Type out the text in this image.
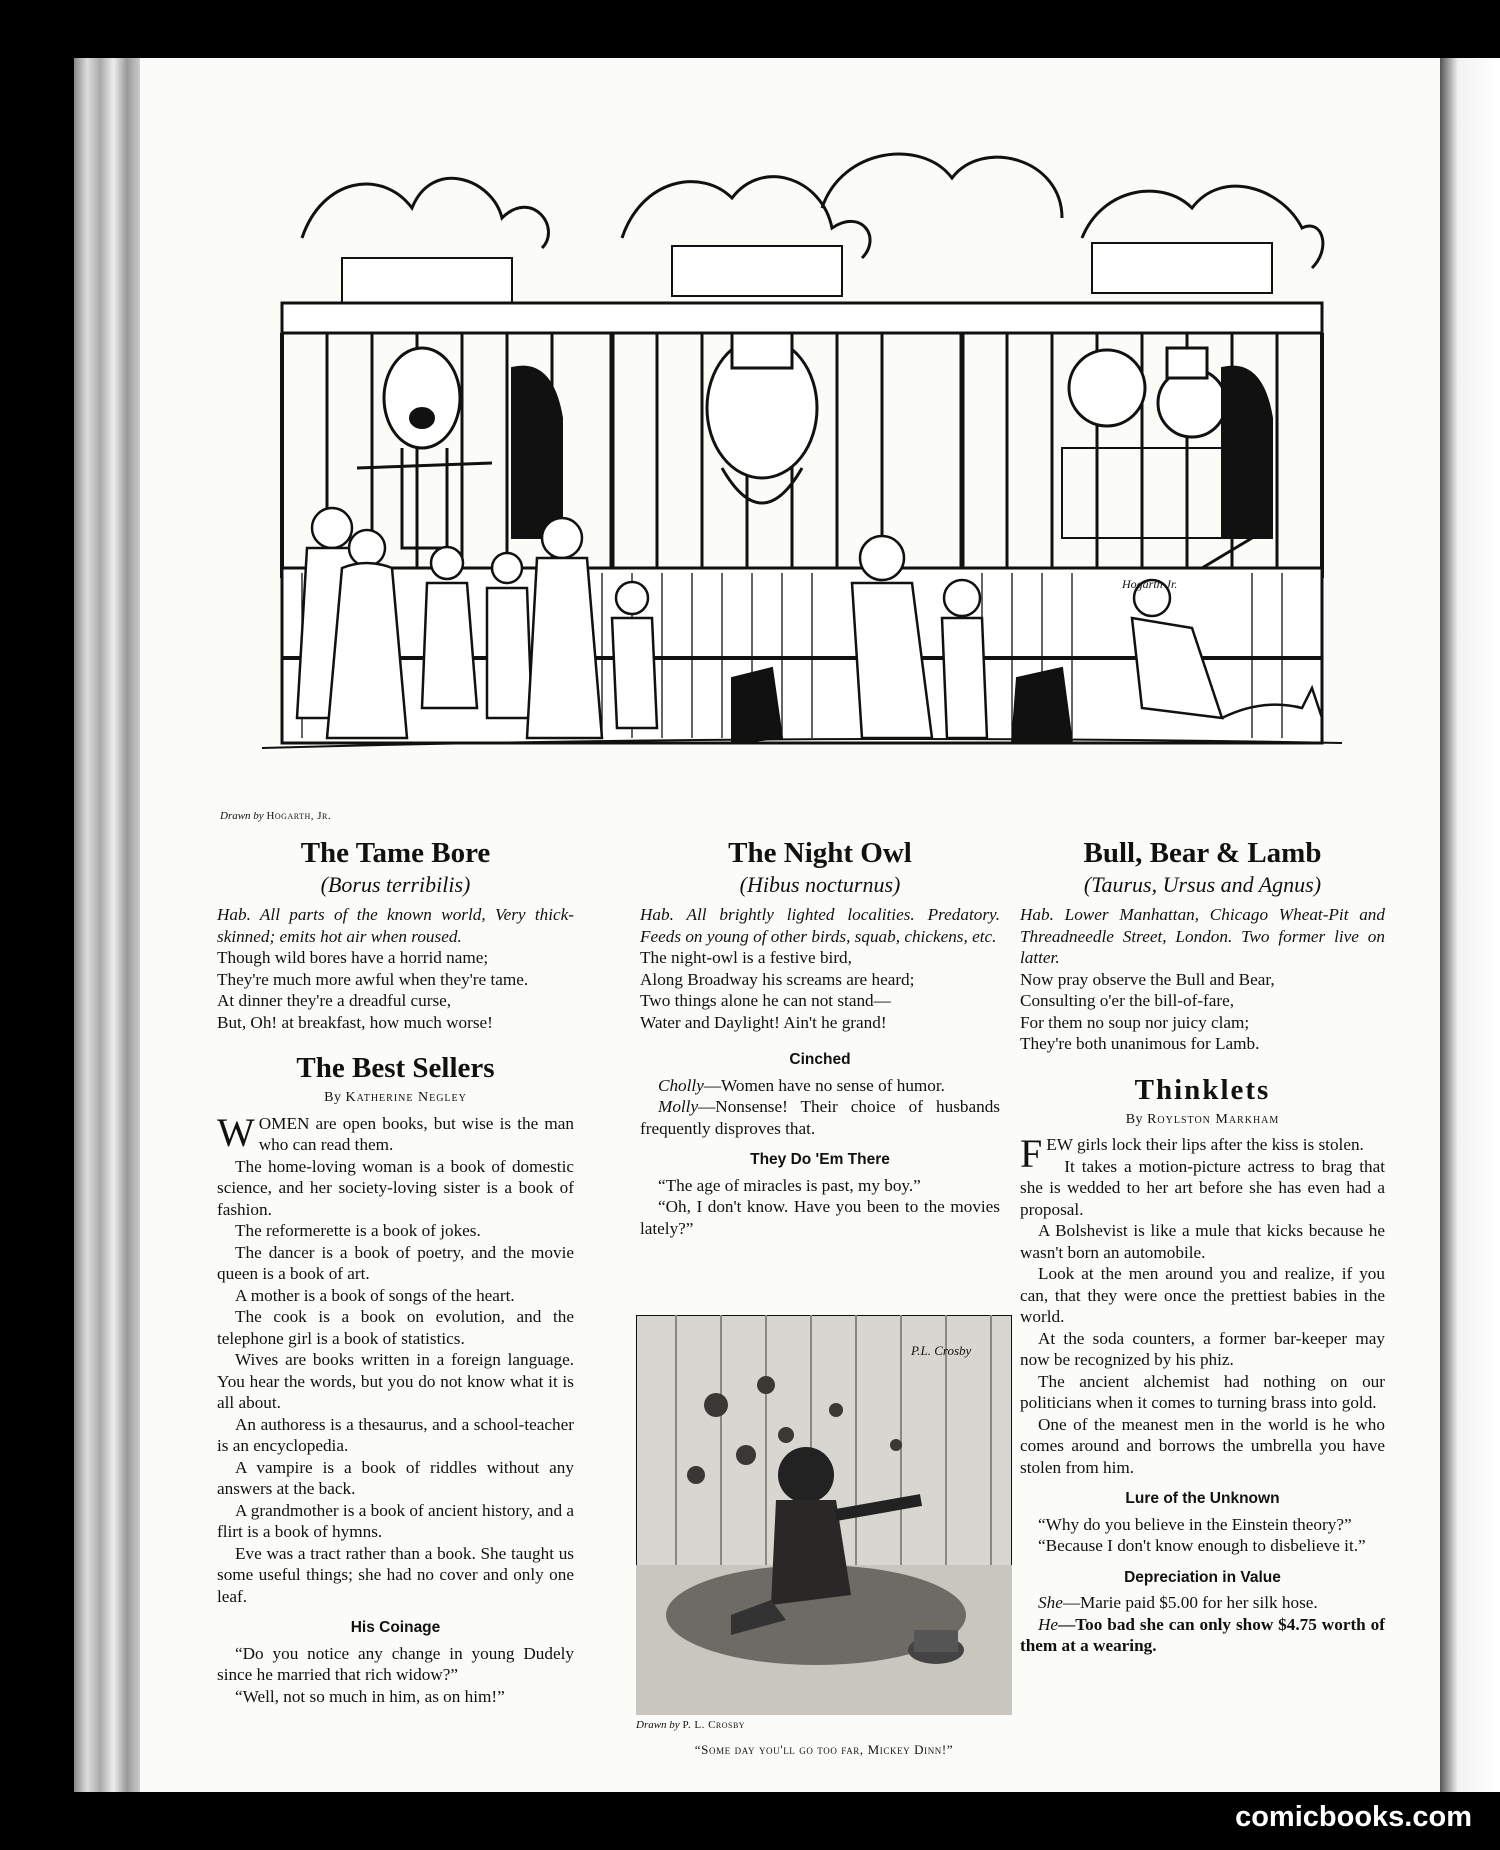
Hogarth Jr.
Drawn by Hogarth, Jr.
The Tame Bore
(Borus terribilis)

Hab. All parts of the known world, Very thick-skinned; emits hot air when roused.

Though wild bores have a horrid name;
They're much more awful when they're tame.
At dinner they're a dreadful curse,
But, Oh! at breakfast, how much worse!
The Best Sellers
By Katherine Negley

WOMEN are open books, but wise is the man who can read them.

The home-loving woman is a book of domestic science, and her society-loving sister is a book of fashion.

The reformerette is a book of jokes.

The dancer is a book of poetry, and the movie queen is a book of art.

A mother is a book of songs of the heart.

The cook is a book on evolution, and the telephone girl is a book of statistics.

Wives are books written in a foreign language. You hear the words, but you do not know what it is all about.

An authoress is a thesaurus, and a school-teacher is an encyclopedia.

A vampire is a book of riddles without any answers at the back.

A grandmother is a book of ancient history, and a flirt is a book of hymns.

Eve was a tract rather than a book. She taught us some useful things; she had no cover and only one leaf.

His Coinage

“Do you notice any change in young Dudely since he married that rich widow?”

“Well, not so much in him, as on him!”

The Night Owl
(Hibus nocturnus)

Hab. All brightly lighted localities. Predatory. Feeds on young of other birds, squab, chickens, etc.

The night-owl is a festive bird,
Along Broadway his screams are heard;
Two things alone he can not stand—
Water and Daylight! Ain't he grand!
Cinched

Cholly—Women have no sense of humor.

Molly—Nonsense! Their choice of husbands frequently disproves that.

They Do 'Em There

“The age of miracles is past, my boy.”

“Oh, I don't know. Have you been to the movies lately?”

P.L. Crosby
Drawn by P. L. Crosby
“Some day you'll go too far, Mickey Dinn!”
Bull, Bear & Lamb
(Taurus, Ursus and Agnus)

Hab. Lower Manhattan, Chicago Wheat-Pit and Threadneedle Street, London. Two former live on latter.

Now pray observe the Bull and Bear,
Consulting o'er the bill-of-fare,
For them no soup nor juicy clam;
They're both unanimous for Lamb.
Thinklets
By Roylston Markham

FEW girls lock their lips after the kiss is stolen.

It takes a motion-picture actress to brag that she is wedded to her art before she has even had a proposal.

A Bolshevist is like a mule that kicks because he wasn't born an automobile.

Look at the men around you and realize, if you can, that they were once the prettiest babies in the world.

At the soda counters, a former bar-keeper may now be recognized by his phiz.

The ancient alchemist had nothing on our politicians when it comes to turning brass into gold.

One of the meanest men in the world is he who comes around and borrows the umbrella you have stolen from him.

Lure of the Unknown

“Why do you believe in the Einstein theory?”

“Because I don't know enough to disbelieve it.”

Depreciation in Value

She—Marie paid $5.00 for her silk hose.

He—Too bad she can only show $4.75 worth of them at a wearing.

comicbooks.com
